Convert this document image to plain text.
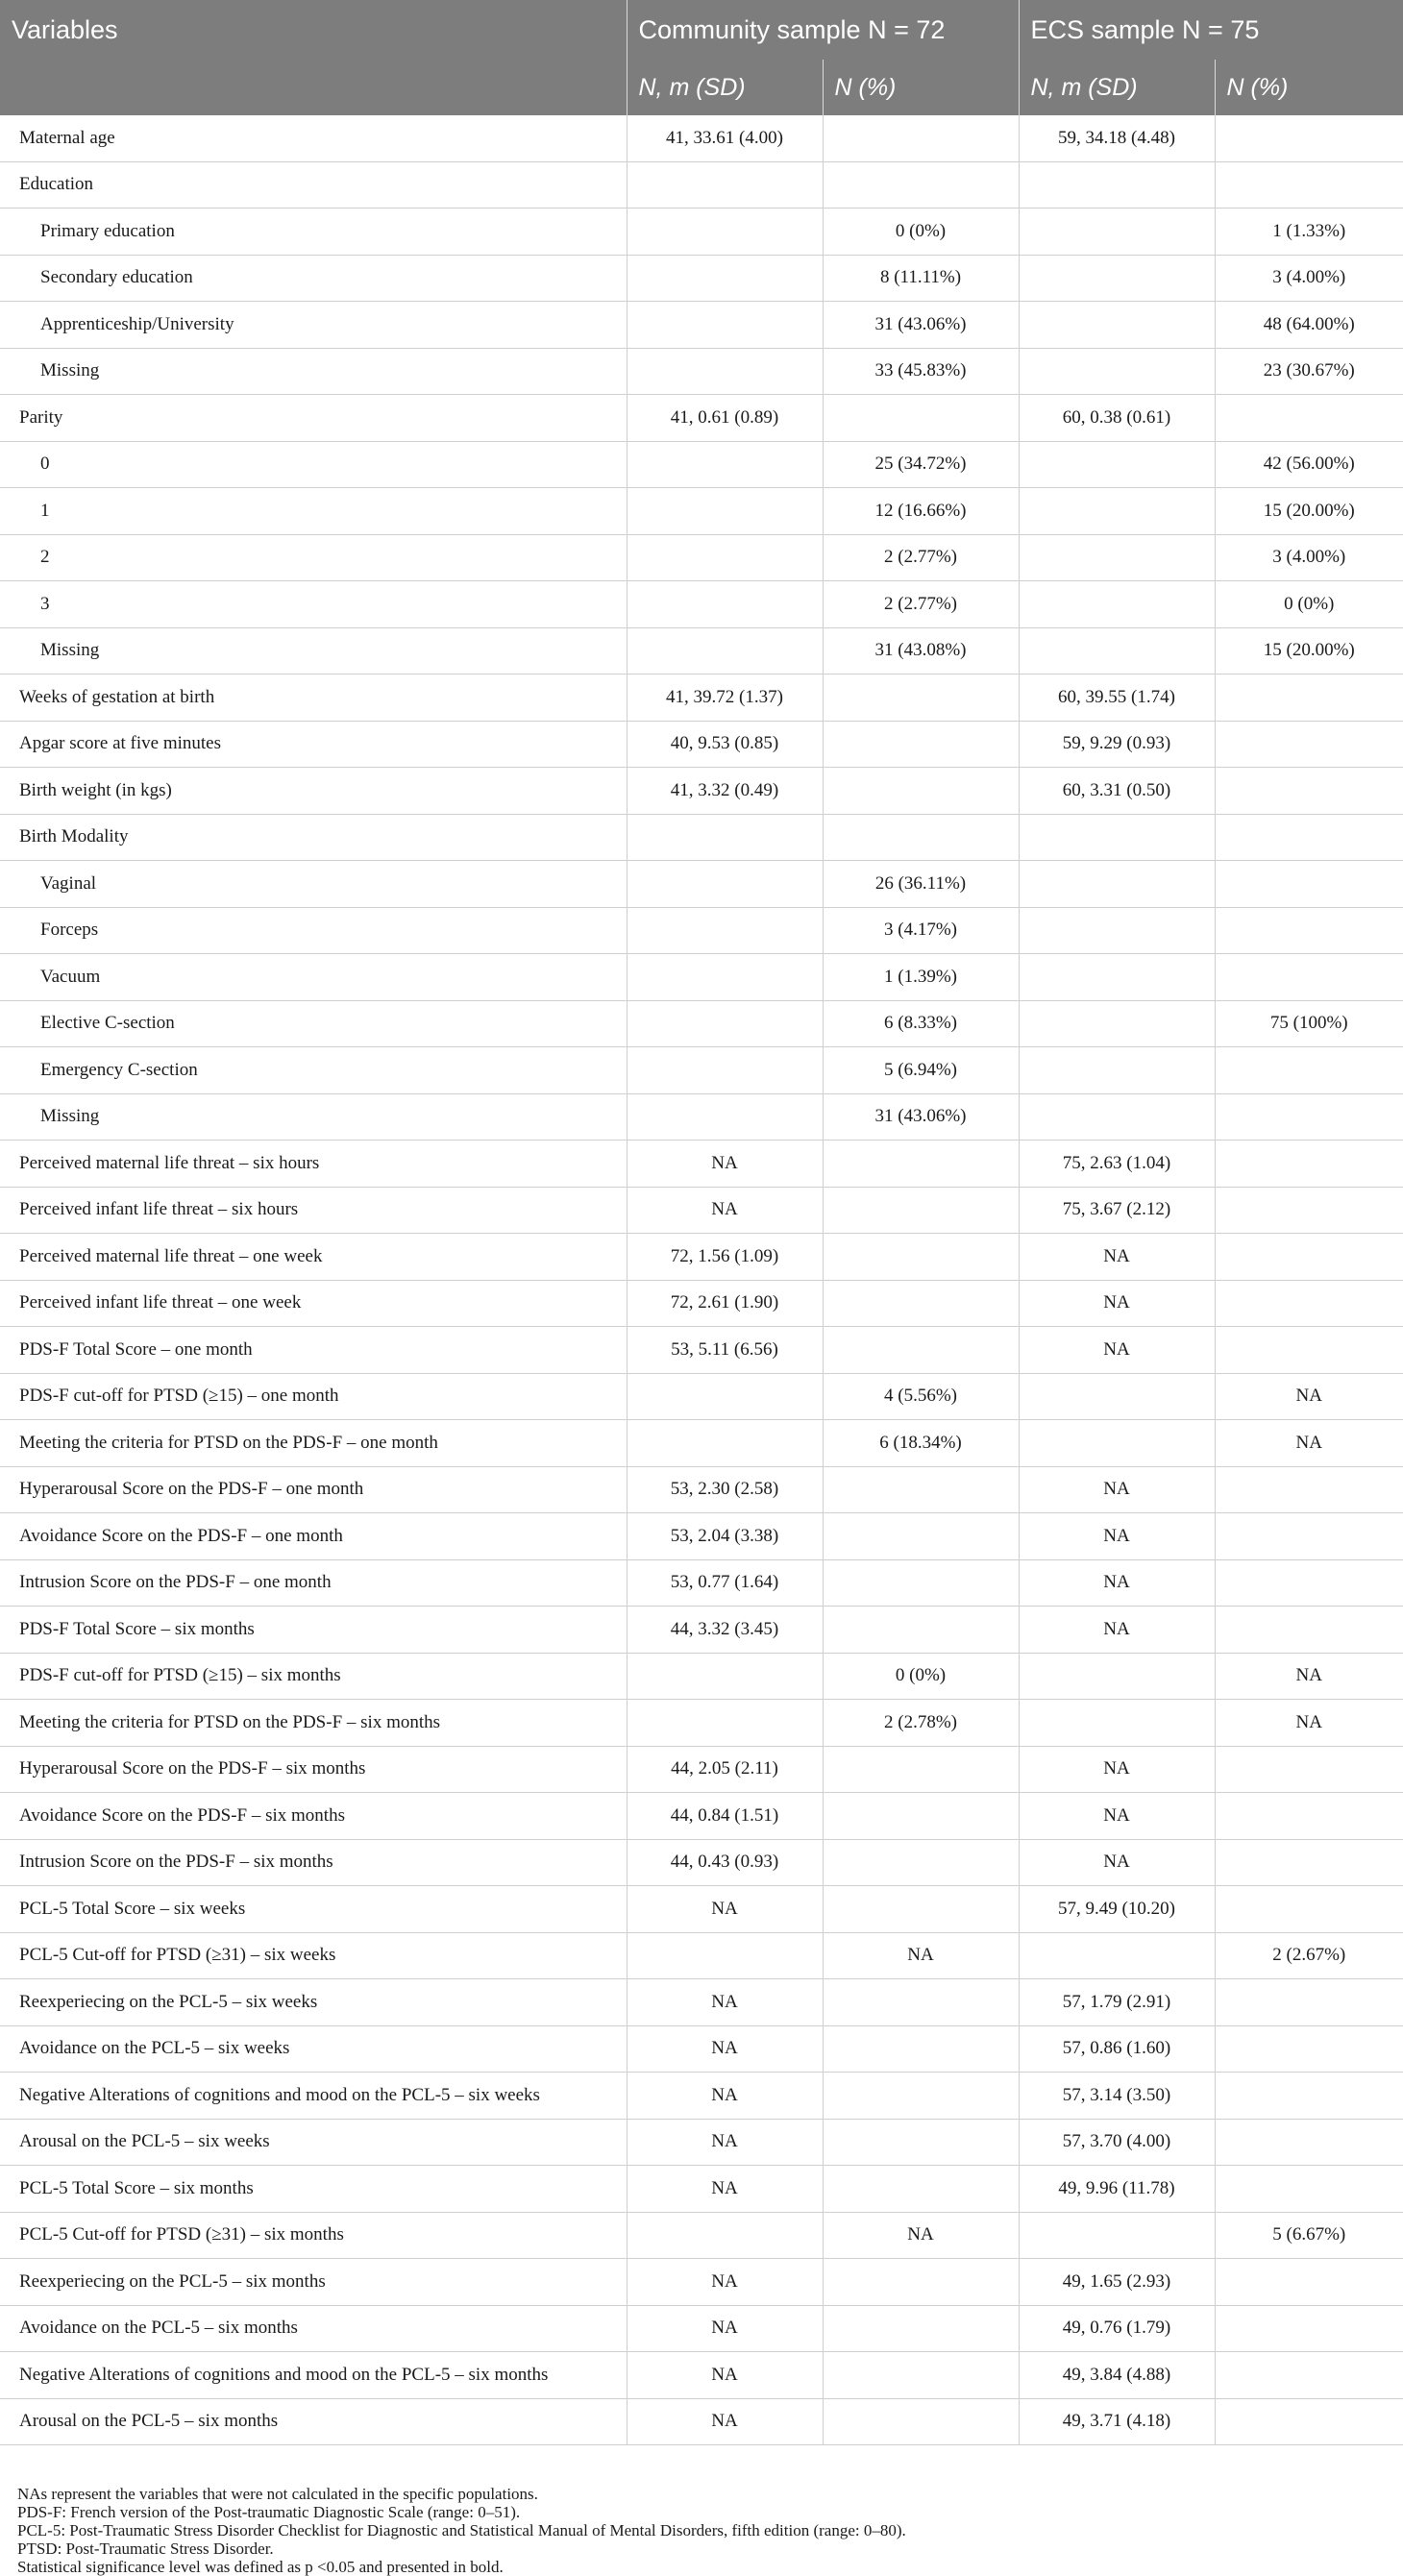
Variables	Community sample N = 72		ECS sample N = 75	
	N, m (SD)	N (%)	N, m (SD)	N (%)
Maternal age	41, 33.61 (4.00)		59, 34.18 (4.48)	
Education				
Primary education		0 (0%)		1 (1.33%)
Secondary education		8 (11.11%)		3 (4.00%)
Apprenticeship/University		31 (43.06%)		48 (64.00%)
Missing		33 (45.83%)		23 (30.67%)
Parity	41, 0.61 (0.89)		60, 0.38 (0.61)	
0		25 (34.72%)		42 (56.00%)
1		12 (16.66%)		15 (20.00%)
2		2 (2.77%)		3 (4.00%)
3		2 (2.77%)		0 (0%)
Missing		31 (43.08%)		15 (20.00%)
Weeks of gestation at birth	41, 39.72 (1.37)		60, 39.55 (1.74)	
Apgar score at five minutes	40, 9.53 (0.85)		59, 9.29 (0.93)	
Birth weight (in kgs)	41, 3.32 (0.49)		60, 3.31 (0.50)	
Birth Modality				
Vaginal		26 (36.11%)		
Forceps		3 (4.17%)		
Vacuum		1 (1.39%)		
Elective C-section		6 (8.33%)		75 (100%)
Emergency C-section		5 (6.94%)		
Missing		31 (43.06%)		
Perceived maternal life threat – six hours	NA		75, 2.63 (1.04)	
Perceived infant life threat – six hours	NA		75, 3.67 (2.12)	
Perceived maternal life threat – one week	72, 1.56 (1.09)		NA	
Perceived infant life threat – one week	72, 2.61 (1.90)		NA	
PDS-F Total Score – one month	53, 5.11 (6.56)		NA	
PDS-F cut-off for PTSD (≥15) – one month		4 (5.56%)		NA
Meeting the criteria for PTSD on the PDS-F – one month		6 (18.34%)		NA
Hyperarousal Score on the PDS-F – one month	53, 2.30 (2.58)		NA	
Avoidance Score on the PDS-F – one month	53, 2.04 (3.38)		NA	
Intrusion Score on the PDS-F – one month	53, 0.77 (1.64)		NA	
PDS-F Total Score – six months	44, 3.32 (3.45)		NA	
PDS-F cut-off for PTSD (≥15) – six months		0 (0%)		NA
Meeting the criteria for PTSD on the PDS-F – six months		2 (2.78%)		NA
Hyperarousal Score on the PDS-F – six months	44, 2.05 (2.11)		NA	
Avoidance Score on the PDS-F – six months	44, 0.84 (1.51)		NA	
Intrusion Score on the PDS-F – six months	44, 0.43 (0.93)		NA	
PCL-5 Total Score – six weeks	NA		57, 9.49 (10.20)	
PCL-5 Cut-off for PTSD (≥31) – six weeks		NA		2 (2.67%)
Reexperiecing on the PCL-5 – six weeks	NA		57, 1.79 (2.91)	
Avoidance on the PCL-5 – six weeks	NA		57, 0.86 (1.60)	
Negative Alterations of cognitions and mood on the PCL-5 – six weeks	NA		57, 3.14 (3.50)	
Arousal on the PCL-5 – six weeks	NA		57, 3.70 (4.00)	
PCL-5 Total Score – six months	NA		49, 9.96 (11.78)	
PCL-5 Cut-off for PTSD (≥31) – six months		NA		5 (6.67%)
Reexperiecing on the PCL-5 – six months	NA		49, 1.65 (2.93)	
Avoidance on the PCL-5 – six months	NA		49, 0.76 (1.79)	
Negative Alterations of cognitions and mood on the PCL-5 – six months	NA		49, 3.84 (4.88)	
Arousal on the PCL-5 – six months	NA		49, 3.71 (4.18)	
NAs represent the variables that were not calculated in the specific populations.
PDS-F: French version of the Post-traumatic Diagnostic Scale (range: 0–51).
PCL-5: Post-Traumatic Stress Disorder Checklist for Diagnostic and Statistical Manual of Mental Disorders, fifth edition (range: 0–80).
PTSD: Post-Traumatic Stress Disorder.
Statistical significance level was defined as p <0.05 and presented in bold.
